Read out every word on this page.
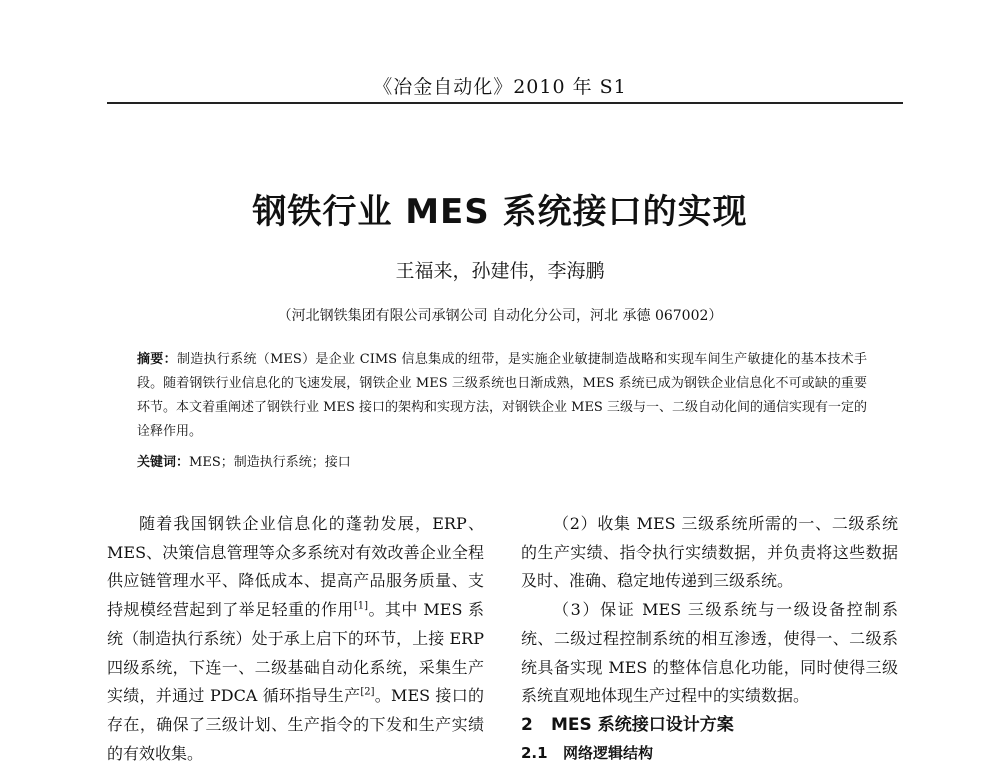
《冶金自动化》2010 年 S1
钢铁行业 MES 系统接口的实现
王福来，孙建伟，李海鹏
（河北钢铁集团有限公司承钢公司 自动化分公司，河北 承德 067002）
摘要：制造执行系统（MES）是企业 CIMS 信息集成的纽带，是实施企业敏捷制造战略和实现车间生产敏捷化的基本技术手段。随着钢铁行业信息化的飞速发展，钢铁企业 MES 三级系统也日渐成熟，MES 系统已成为钢铁企业信息化不可或缺的重要环节。本文着重阐述了钢铁行业 MES 接口的架构和实现方法，对钢铁企业 MES 三级与一、二级自动化间的通信实现有一定的诠释作用。
关键词：MES；制造执行系统；接口

随着我国钢铁企业信息化的蓬勃发展，ERP、MES、决策信息管理等众多系统对有效改善企业全程供应链管理水平、降低成本、提高产品服务质量、支持规模经营起到了举足轻重的作用[1]。其中 MES 系统（制造执行系统）处于承上启下的环节，上接 ERP 四级系统，下连一、二级基础自动化系统，采集生产实绩，并通过 PDCA 循环指导生产[2]。MES 接口的存在，确保了三级计划、生产指令的下发和生产实绩的有效收集。

（2）收集 MES 三级系统所需的一、二级系统的生产实绩、指令执行实绩数据，并负责将这些数据及时、准确、稳定地传递到三级系统。

（3）保证 MES 三级系统与一级设备控制系统、二级过程控制系统的相互渗透，使得一、二级系统具备实现 MES 的整体信息化功能，同时使得三级系统直观地体现生产过程中的实绩数据。

2 MES 系统接口设计方案
2.1 网络逻辑结构
